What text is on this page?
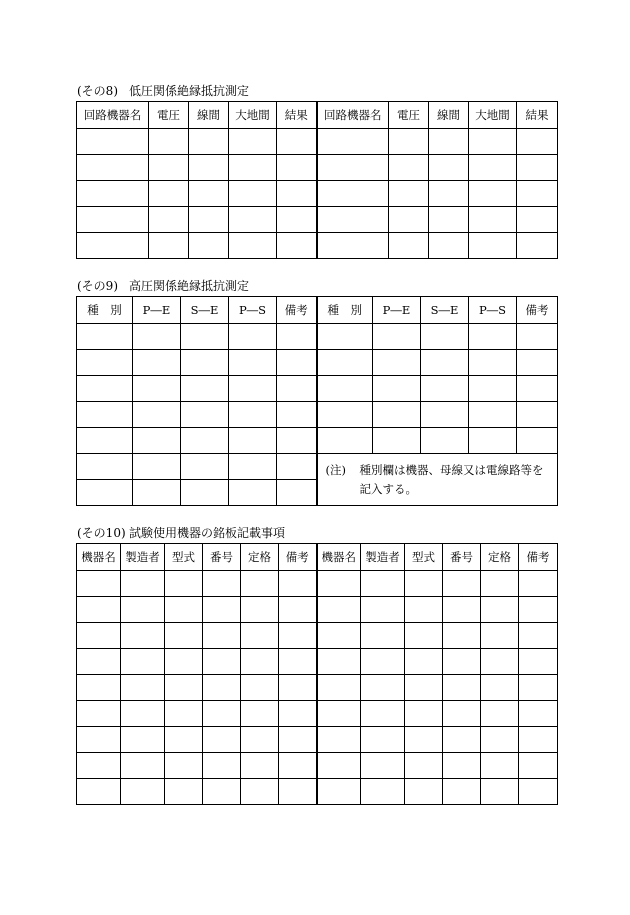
(その8) 低圧関係絶縁抵抗測定
回路機器名	電圧	線間	大地間	結果	回路機器名	電圧	線間	大地間	結果

(その9) 高圧関係絶縁抵抗測定
種　別	P―E	S―E	P―S	備考	種　別	P―E	S―E	P―S	備考

					(注) 種別欄は機器、母線又は電線路等を記入する。				

(その10) 試験使用機器の銘板記載事項
機器名	製造者	型式	番号	定格	備考	機器名	製造者	型式	番号	定格	備考
